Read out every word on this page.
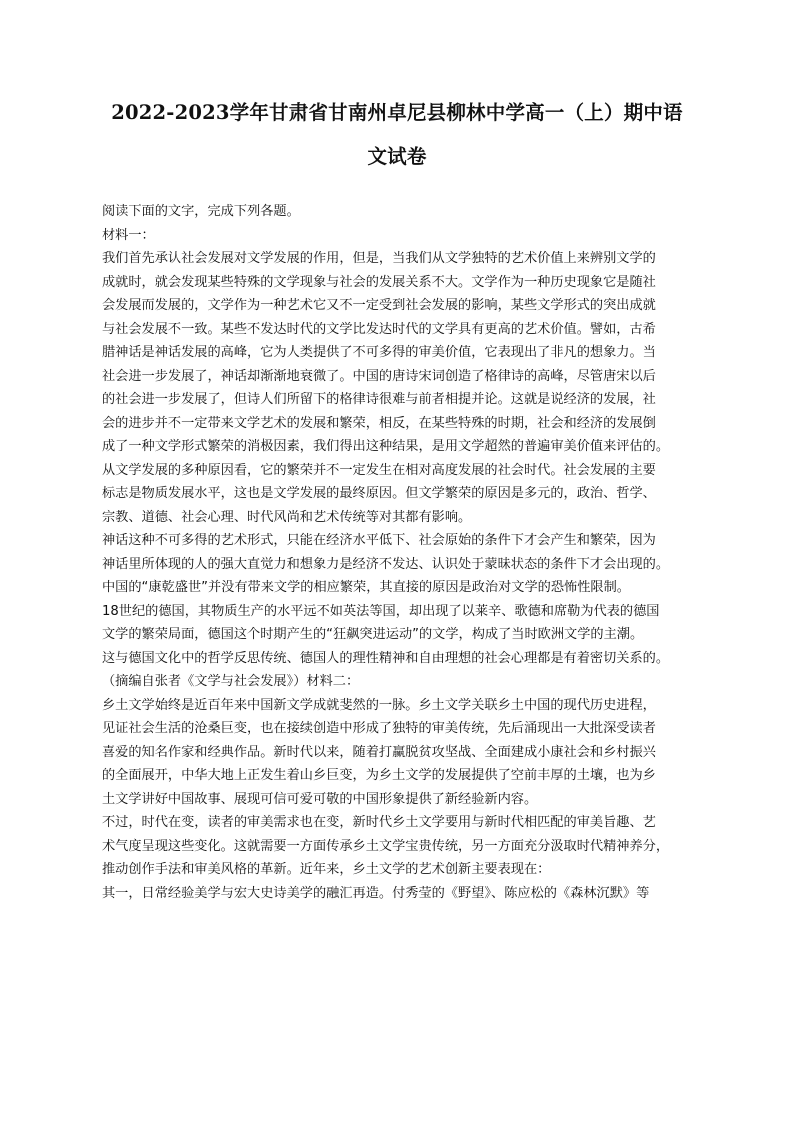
2022-2023学年甘肃省甘南州卓尼县柳林中学高一（上）期中语
文试卷
阅读下面的文字，完成下列各题。
材料一：
我们首先承认社会发展对文学发展的作用，但是，当我们从文学独特的艺术价值上来辨别文学的
成就时，就会发现某些特殊的文学现象与社会的发展关系不大。文学作为一种历史现象它是随社
会发展而发展的，文学作为一种艺术它又不一定受到社会发展的影响，某些文学形式的突出成就
与社会发展不一致。某些不发达时代的文学比发达时代的文学具有更高的艺术价值。譬如，古希
腊神话是神话发展的高峰，它为人类提供了不可多得的审美价值，它表现出了非凡的想象力。当
社会进一步发展了，神话却渐渐地衰微了。中国的唐诗宋词创造了格律诗的高峰，尽管唐宋以后
的社会进一步发展了，但诗人们所留下的格律诗很难与前者相提并论。这就是说经济的发展，社
会的进步并不一定带来文学艺术的发展和繁荣，相反，在某些特殊的时期，社会和经济的发展倒
成了一种文学形式繁荣的消极因素，我们得出这种结果，是用文学超然的普遍审美价值来评估的。
从文学发展的多种原因看，它的繁荣并不一定发生在相对高度发展的社会时代。社会发展的主要
标志是物质发展水平，这也是文学发展的最终原因。但文学繁荣的原因是多元的，政治、哲学、
宗教、道德、社会心理、时代风尚和艺术传统等对其都有影响。
神话这种不可多得的艺术形式，只能在经济水平低下、社会原始的条件下才会产生和繁荣，因为
神话里所体现的人的强大直觉力和想象力是经济不发达、认识处于蒙昧状态的条件下才会出现的。
中国的“康乾盛世”并没有带来文学的相应繁荣，其直接的原因是政治对文学的恐怖性限制。
18世纪的德国，其物质生产的水平远不如英法等国，却出现了以莱辛、歌德和席勒为代表的德国
文学的繁荣局面，德国这个时期产生的“狂飙突进运动”的文学，构成了当时欧洲文学的主潮。
这与德国文化中的哲学反思传统、德国人的理性精神和自由理想的社会心理都是有着密切关系的。
（摘编自张者《文学与社会发展》）材料二：
乡土文学始终是近百年来中国新文学成就斐然的一脉。乡土文学关联乡土中国的现代历史进程，
见证社会生活的沧桑巨变，也在接续创造中形成了独特的审美传统，先后涌现出一大批深受读者
喜爱的知名作家和经典作品。新时代以来，随着打赢脱贫攻坚战、全面建成小康社会和乡村振兴
的全面展开，中华大地上正发生着山乡巨变，为乡土文学的发展提供了空前丰厚的土壤，也为乡
土文学讲好中国故事、展现可信可爱可敬的中国形象提供了新经验新内容。
不过，时代在变，读者的审美需求也在变，新时代乡土文学要用与新时代相匹配的审美旨趣、艺
术气度呈现这些变化。这就需要一方面传承乡土文学宝贵传统，另一方面充分汲取时代精神养分，
推动创作手法和审美风格的革新。近年来，乡土文学的艺术创新主要表现在：
其一，日常经验美学与宏大史诗美学的融汇再造。付秀莹的《野望》、陈应松的《森林沉默》等
